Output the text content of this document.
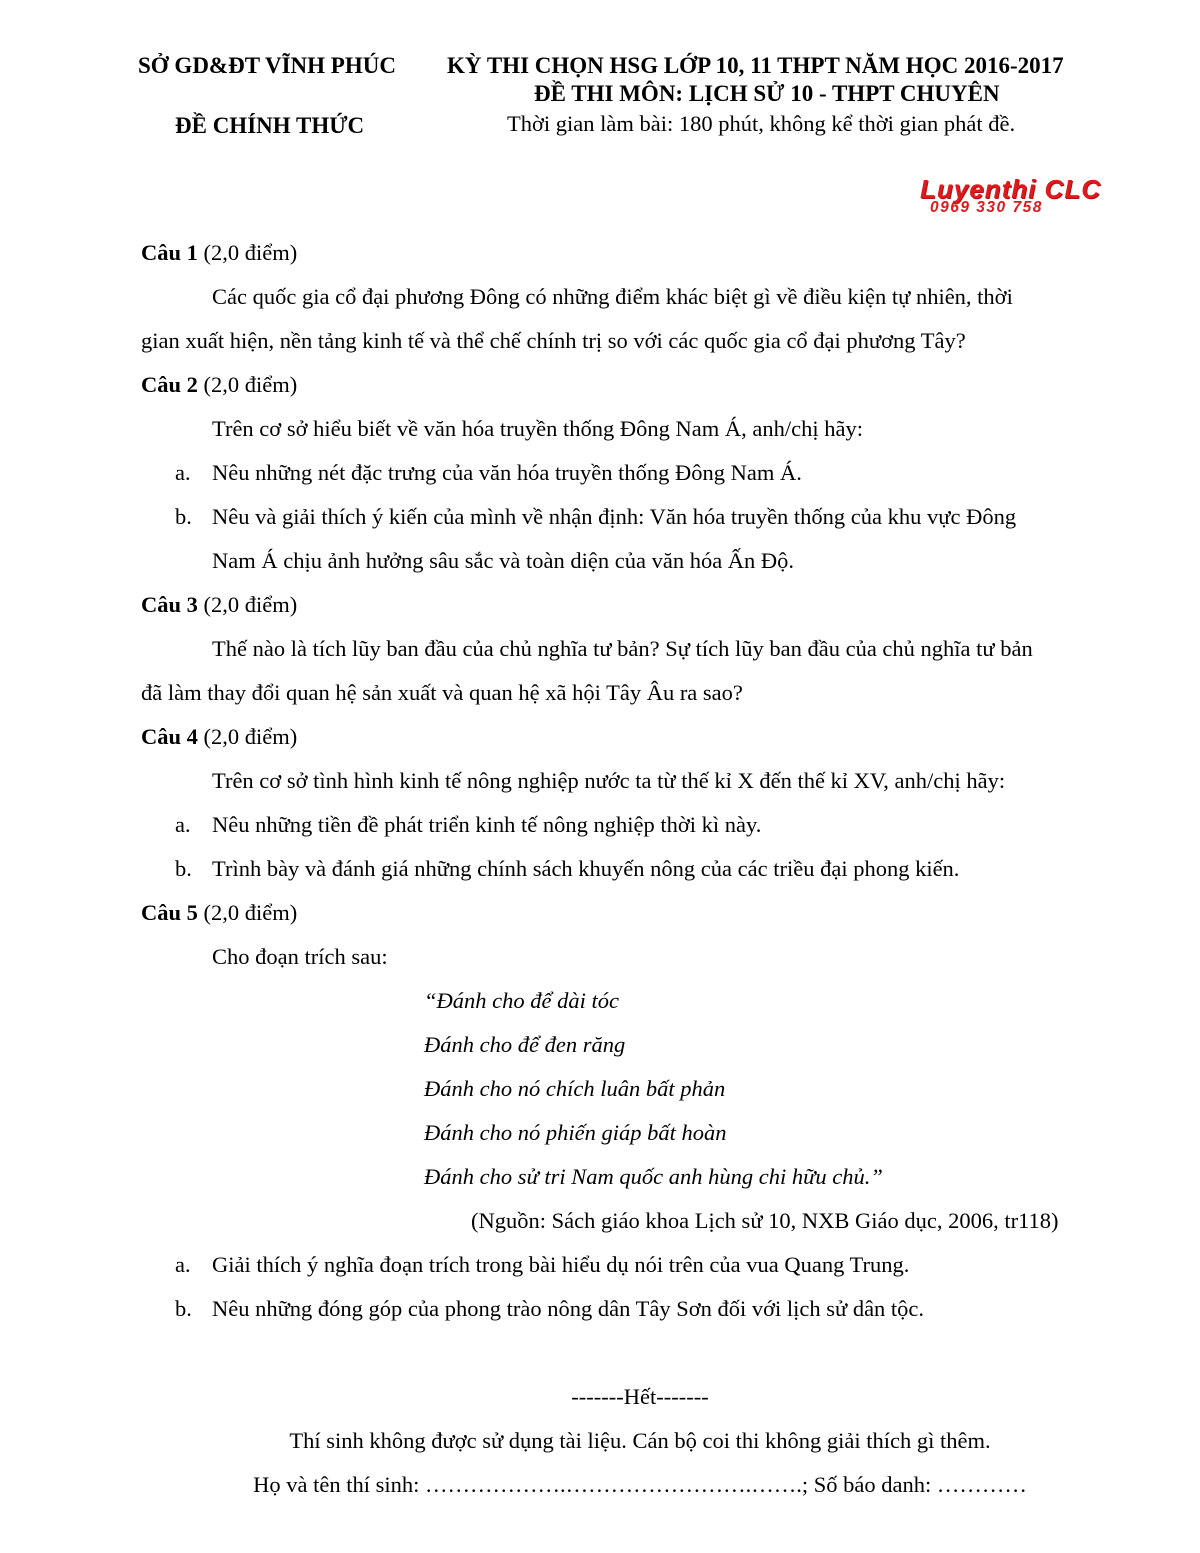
SỞ GD&ĐT VĨNH PHÚC KỲ THI CHỌN HSG LỚP 10, 11 THPT NĂM HỌC 2016-2017
ĐỀ THI MÔN: LỊCH SỬ 10 - THPT CHUYÊN
ĐỀ CHÍNH THỨC	Thời gian làm bài: 180 phút, không kể thời gian phát đề.
Luyenthi CLC
0969 330 758
Câu 1 (2,0 điểm)
Các quốc gia cổ đại phương Đông có những điểm khác biệt gì về điều kiện tự nhiên, thời
gian xuất hiện, nền tảng kinh tế và thể chế chính trị so với các quốc gia cổ đại phương Tây?
Câu 2 (2,0 điểm)
Trên cơ sở hiểu biết về văn hóa truyền thống Đông Nam Á, anh/chị hãy:
a. Nêu những nét đặc trưng của văn hóa truyền thống Đông Nam Á.
b. Nêu và giải thích ý kiến của mình về nhận định: Văn hóa truyền thống của khu vực Đông
Nam Á chịu ảnh hưởng sâu sắc và toàn diện của văn hóa Ấn Độ.
Câu 3 (2,0 điểm)
Thế nào là tích lũy ban đầu của chủ nghĩa tư bản? Sự tích lũy ban đầu của chủ nghĩa tư bản
đã làm thay đổi quan hệ sản xuất và quan hệ xã hội Tây Âu ra sao?
Câu 4 (2,0 điểm)
Trên cơ sở tình hình kinh tế nông nghiệp nước ta từ thế kỉ X đến thế kỉ XV, anh/chị hãy:
a. Nêu những tiền đề phát triển kinh tế nông nghiệp thời kì này.
b. Trình bày và đánh giá những chính sách khuyến nông của các triều đại phong kiến.
Câu 5 (2,0 điểm)
Cho đoạn trích sau:
“Đánh cho để dài tóc
Đánh cho để đen răng
Đánh cho nó chích luân bất phản
Đánh cho nó phiến giáp bất hoàn
Đánh cho sử tri Nam quốc anh hùng chi hữu chủ.”
(Nguồn: Sách giáo khoa Lịch sử 10, NXB Giáo dục, 2006, tr118)
a. Giải thích ý nghĩa đoạn trích trong bài hiểu dụ nói trên của vua Quang Trung.
b. Nêu những đóng góp của phong trào nông dân Tây Sơn đối với lịch sử dân tộc.
-------Hết-------
Thí sinh không được sử dụng tài liệu. Cán bộ coi thi không giải thích gì thêm.
Họ và tên thí sinh: ……………….…………………….…….; Số báo danh: …………
